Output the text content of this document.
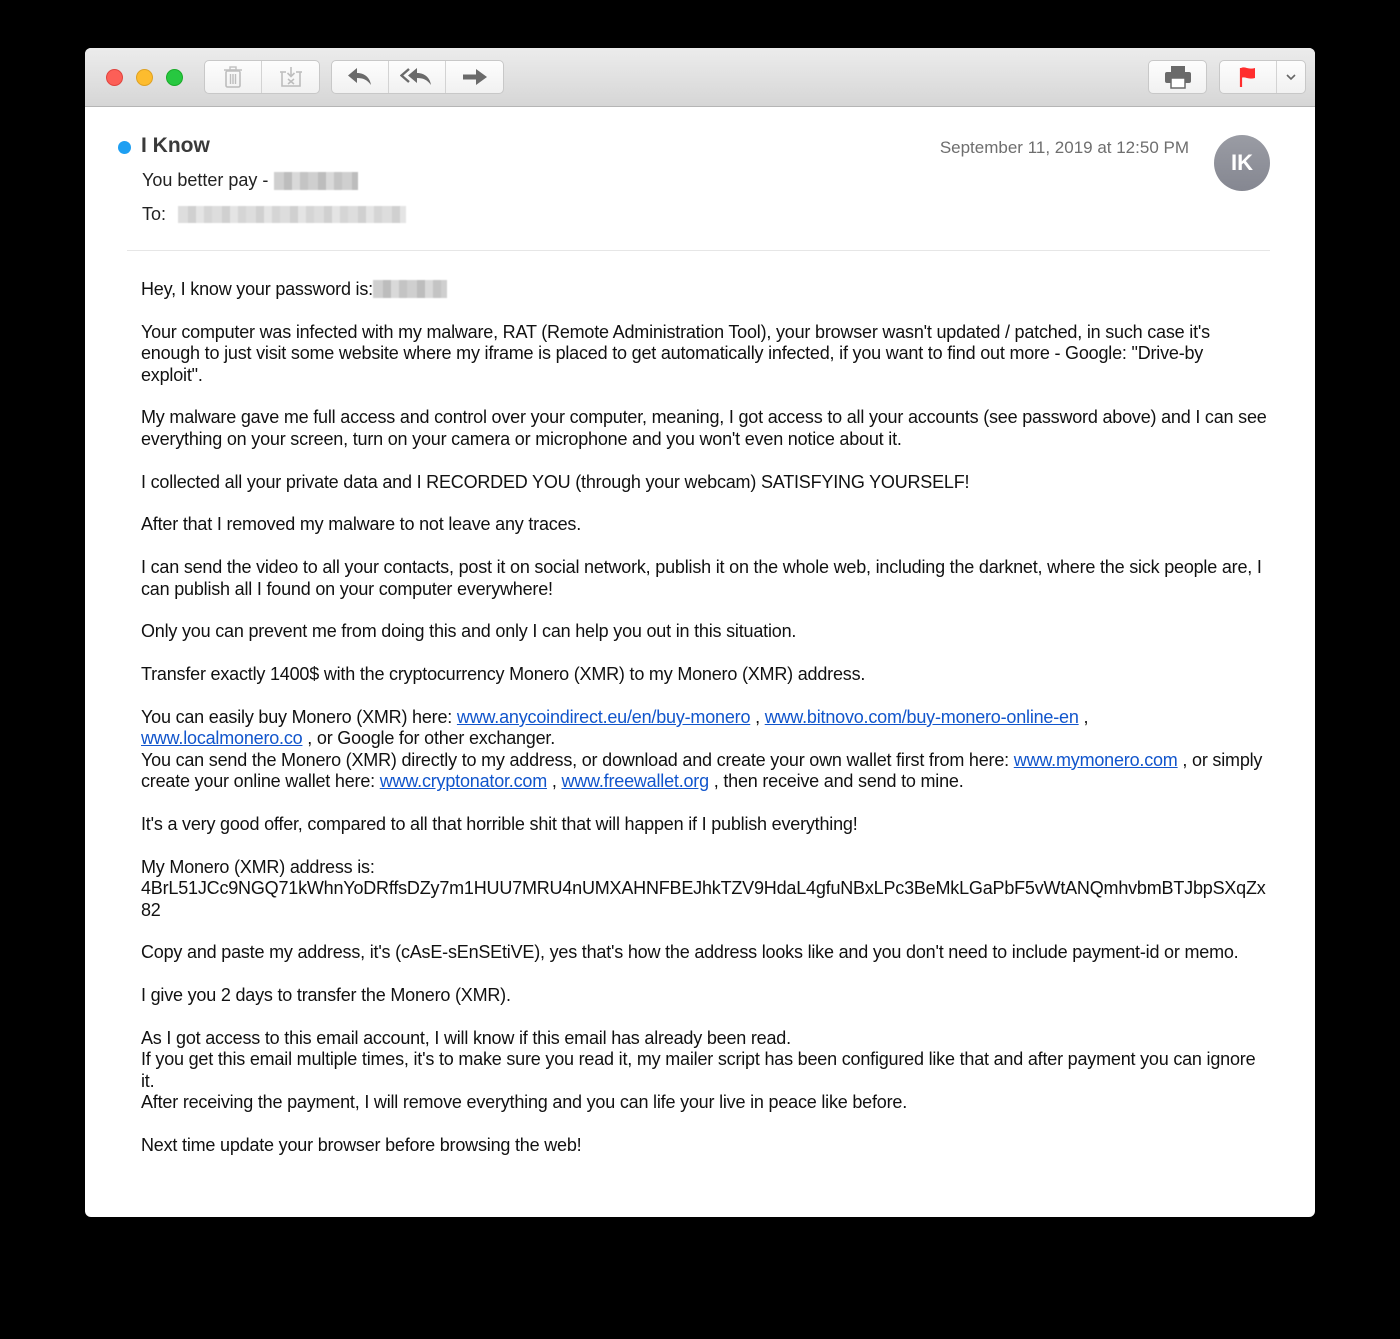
I Know
You better pay -
To:
September 11, 2019 at 12:50 PM
IK

Hey, I know your password is:

Your computer was infected with my malware, RAT (Remote Administration Tool), your browser wasn't updated / patched, in such case it's enough to just visit some website where my iframe is placed to get automatically infected, if you want to find out more - Google: "Drive-by exploit".

My malware gave me full access and control over your computer, meaning, I got access to all your accounts (see password above) and I can see everything on your screen, turn on your camera or microphone and you won't even notice about it.

I collected all your private data and I RECORDED YOU (through your webcam) SATISFYING YOURSELF!

After that I removed my malware to not leave any traces.

I can send the video to all your contacts, post it on social network, publish it on the whole web, including the darknet, where the sick people are, I can publish all I found on your computer everywhere!

Only you can prevent me from doing this and only I can help you out in this situation.

Transfer exactly 1400$ with the cryptocurrency Monero (XMR) to my Monero (XMR) address.

You can easily buy Monero (XMR) here: www.anycoindirect.eu/en/buy-monero , www.bitnovo.com/buy-monero-online-en ,
www.localmonero.co , or Google for other exchanger.
You can send the Monero (XMR) directly to my address, or download and create your own wallet first from here: www.mymonero.com , or simply create your online wallet here: www.cryptonator.com , www.freewallet.org , then receive and send to mine.

It's a very good offer, compared to all that horrible shit that will happen if I publish everything!

My Monero (XMR) address is:
4BrL51JCc9NGQ71kWhnYoDRffsDZy7m1HUU7MRU4nUMXAHNFBEJhkTZV9HdaL4gfuNBxLPc3BeMkLGaPbF5vWtANQmhvbmBTJbpSXqZx82

Copy and paste my address, it's (cAsE-sEnSEtiVE), yes that's how the address looks like and you don't need to include payment-id or memo.

I give you 2 days to transfer the Monero (XMR).

As I got access to this email account, I will know if this email has already been read.
If you get this email multiple times, it's to make sure you read it, my mailer script has been configured like that and after payment you can ignore it.
After receiving the payment, I will remove everything and you can life your live in peace like before.

Next time update your browser before browsing the web!
